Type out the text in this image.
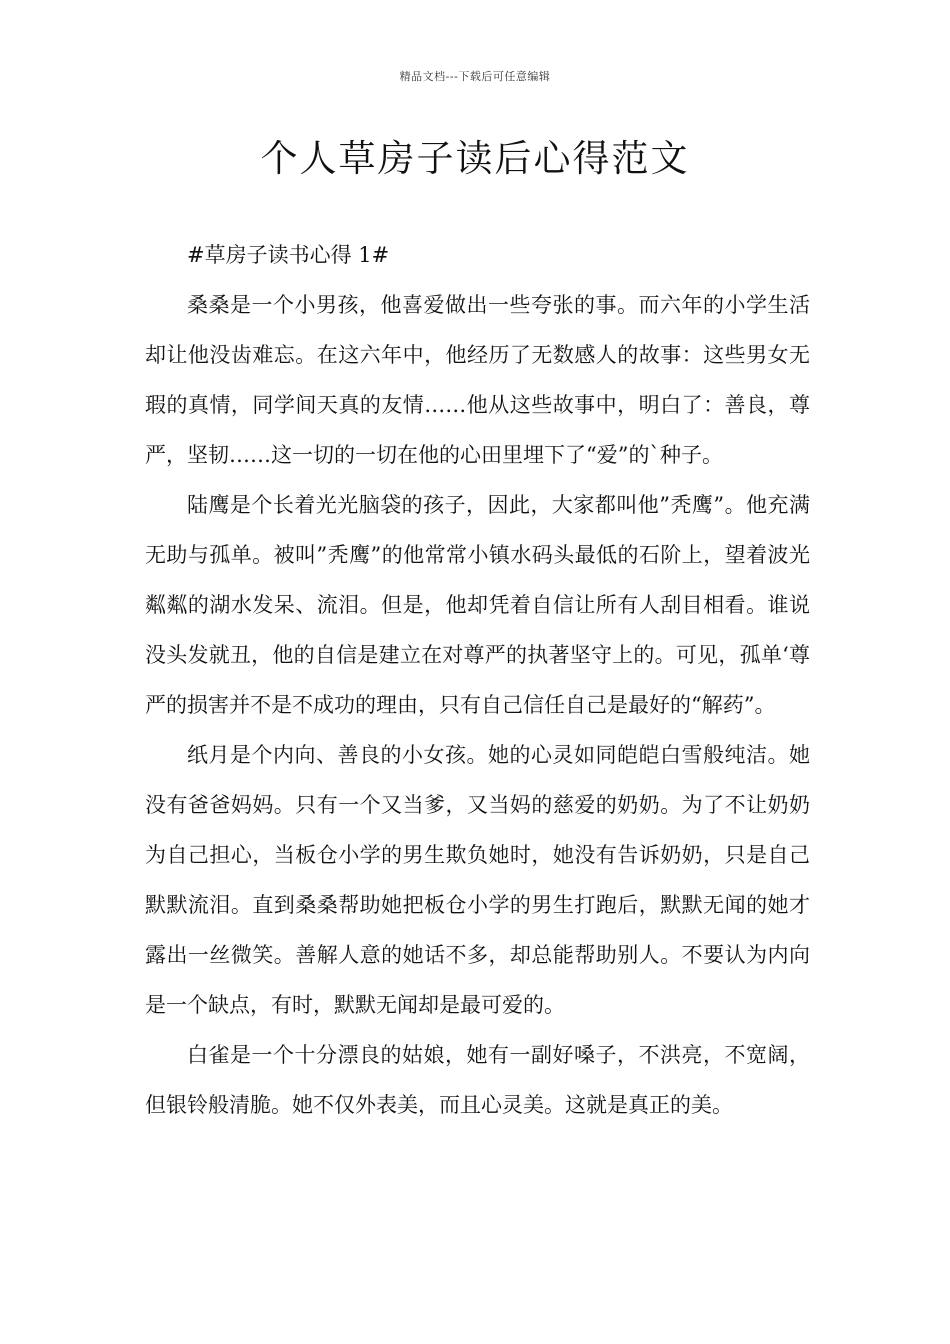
精品文档---下载后可任意编辑
个人草房子读后心得范文

#草房子读书心得 1#

桑桑是一个小男孩，他喜爱做出一些夸张的事。而六年的小学生活却让他没齿难忘。在这六年中，他经历了无数感人的故事：这些男女无瑕的真情，同学间天真的友情……他从这些故事中，明白了：善良，尊严，坚韧……这一切的一切在他的心田里埋下了“爱”的`种子。

陆鹰是个长着光光脑袋的孩子，因此，大家都叫他”秃鹰”。他充满无助与孤单。被叫”秃鹰”的他常常小镇水码头最低的石阶上，望着波光粼粼的湖水发呆、流泪。但是，他却凭着自信让所有人刮目相看。谁说没头发就丑，他的自信是建立在对尊严的执著坚守上的。可见，孤单‘尊严的损害并不是不成功的理由，只有自己信任自己是最好的“解药”。

纸月是个内向、善良的小女孩。她的心灵如同皑皑白雪般纯洁。她没有爸爸妈妈。只有一个又当爹，又当妈的慈爱的奶奶。为了不让奶奶为自己担心，当板仓小学的男生欺负她时，她没有告诉奶奶，只是自己默默流泪。直到桑桑帮助她把板仓小学的男生打跑后，默默无闻的她才露出一丝微笑。善解人意的她话不多，却总能帮助别人。不要认为内向是一个缺点，有时，默默无闻却是最可爱的。

白雀是一个十分漂良的姑娘，她有一副好嗓子，不洪亮，不宽阔，但银铃般清脆。她不仅外表美，而且心灵美。这就是真正的美。
